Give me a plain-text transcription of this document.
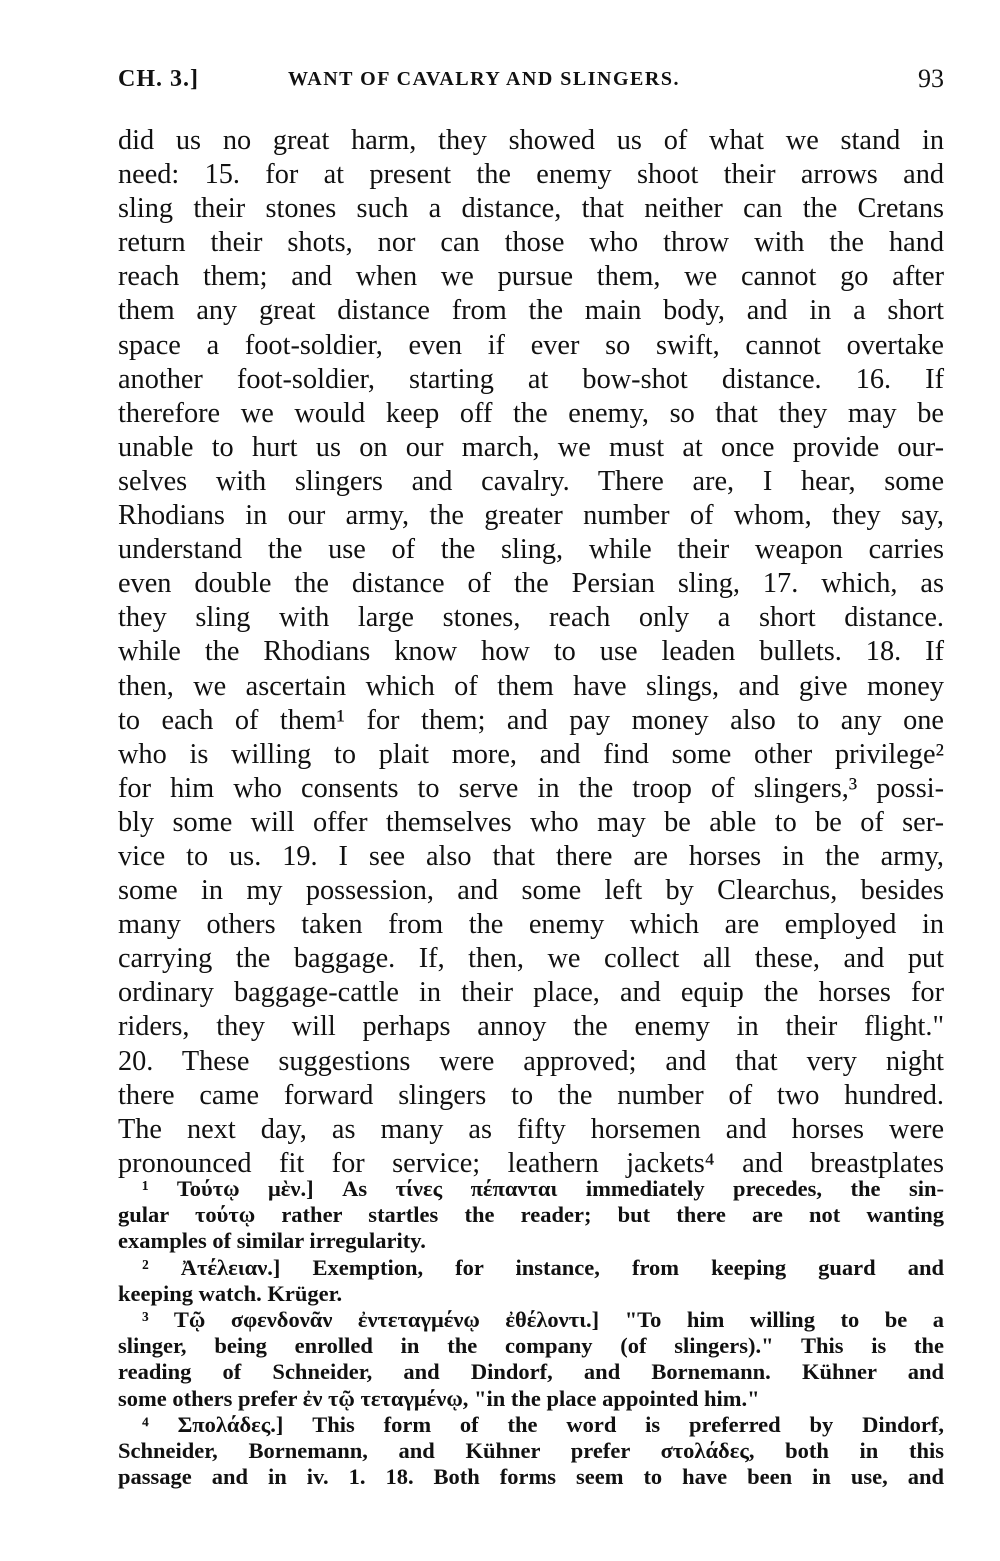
CH. 3.]	WANT OF CAVALRY AND SLINGERS.	93
did us no great harm, they showed us of what we stand in
need: 15. for at present the enemy shoot their arrows and
sling their stones such a distance, that neither can the Cretans
return their shots, nor can those who throw with the hand
reach them; and when we pursue them, we cannot go after
them any great distance from the main body, and in a short
space a foot-soldier, even if ever so swift, cannot overtake
another foot-soldier, starting at bow-shot distance. 16. If
therefore we would keep off the enemy, so that they may be
unable to hurt us on our march, we must at once provide our-
selves with slingers and cavalry. There are, I hear, some
Rhodians in our army, the greater number of whom, they say,
understand the use of the sling, while their weapon carries
even double the distance of the Persian sling, 17. which, as
they sling with large stones, reach only a short distance.
while the Rhodians know how to use leaden bullets. 18. If
then, we ascertain which of them have slings, and give money
to each of them¹ for them; and pay money also to any one
who is willing to plait more, and find some other privilege²
for him who consents to serve in the troop of slingers,³ possi-
bly some will offer themselves who may be able to be of ser-
vice to us. 19. I see also that there are horses in the army,
some in my possession, and some left by Clearchus, besides
many others taken from the enemy which are employed in
carrying the baggage. If, then, we collect all these, and put
ordinary baggage-cattle in their place, and equip the horses for
riders, they will perhaps annoy the enemy in their flight."
20. These suggestions were approved; and that very night
there came forward slingers to the number of two hundred.
The next day, as many as fifty horsemen and horses were
pronounced fit for service; leathern jackets⁴ and breastplates
¹ Τούτῳ μὲν.] As τίνες πέπανται immediately precedes, the sin-
gular τούτῳ rather startles the reader; but there are not wanting
examples of similar irregularity.
² Ἀτέλειαν.] Exemption, for instance, from keeping guard and
keeping watch. Krüger.
³ Τῷ σφενδονᾶν ἐντεταγμένῳ ἐθέλοντι.] "To him willing to be a
slinger, being enrolled in the company (of slingers)." This is the
reading of Schneider, and Dindorf, and Bornemann. Kühner and
some others prefer ἐν τῷ τεταγμένῳ, "in the place appointed him."
⁴ Σπολάδες.] This form of the word is preferred by Dindorf,
Schneider, Bornemann, and Kühner prefer στολάδες, both in this
passage and in iv. 1. 18. Both forms seem to have been in use, and
